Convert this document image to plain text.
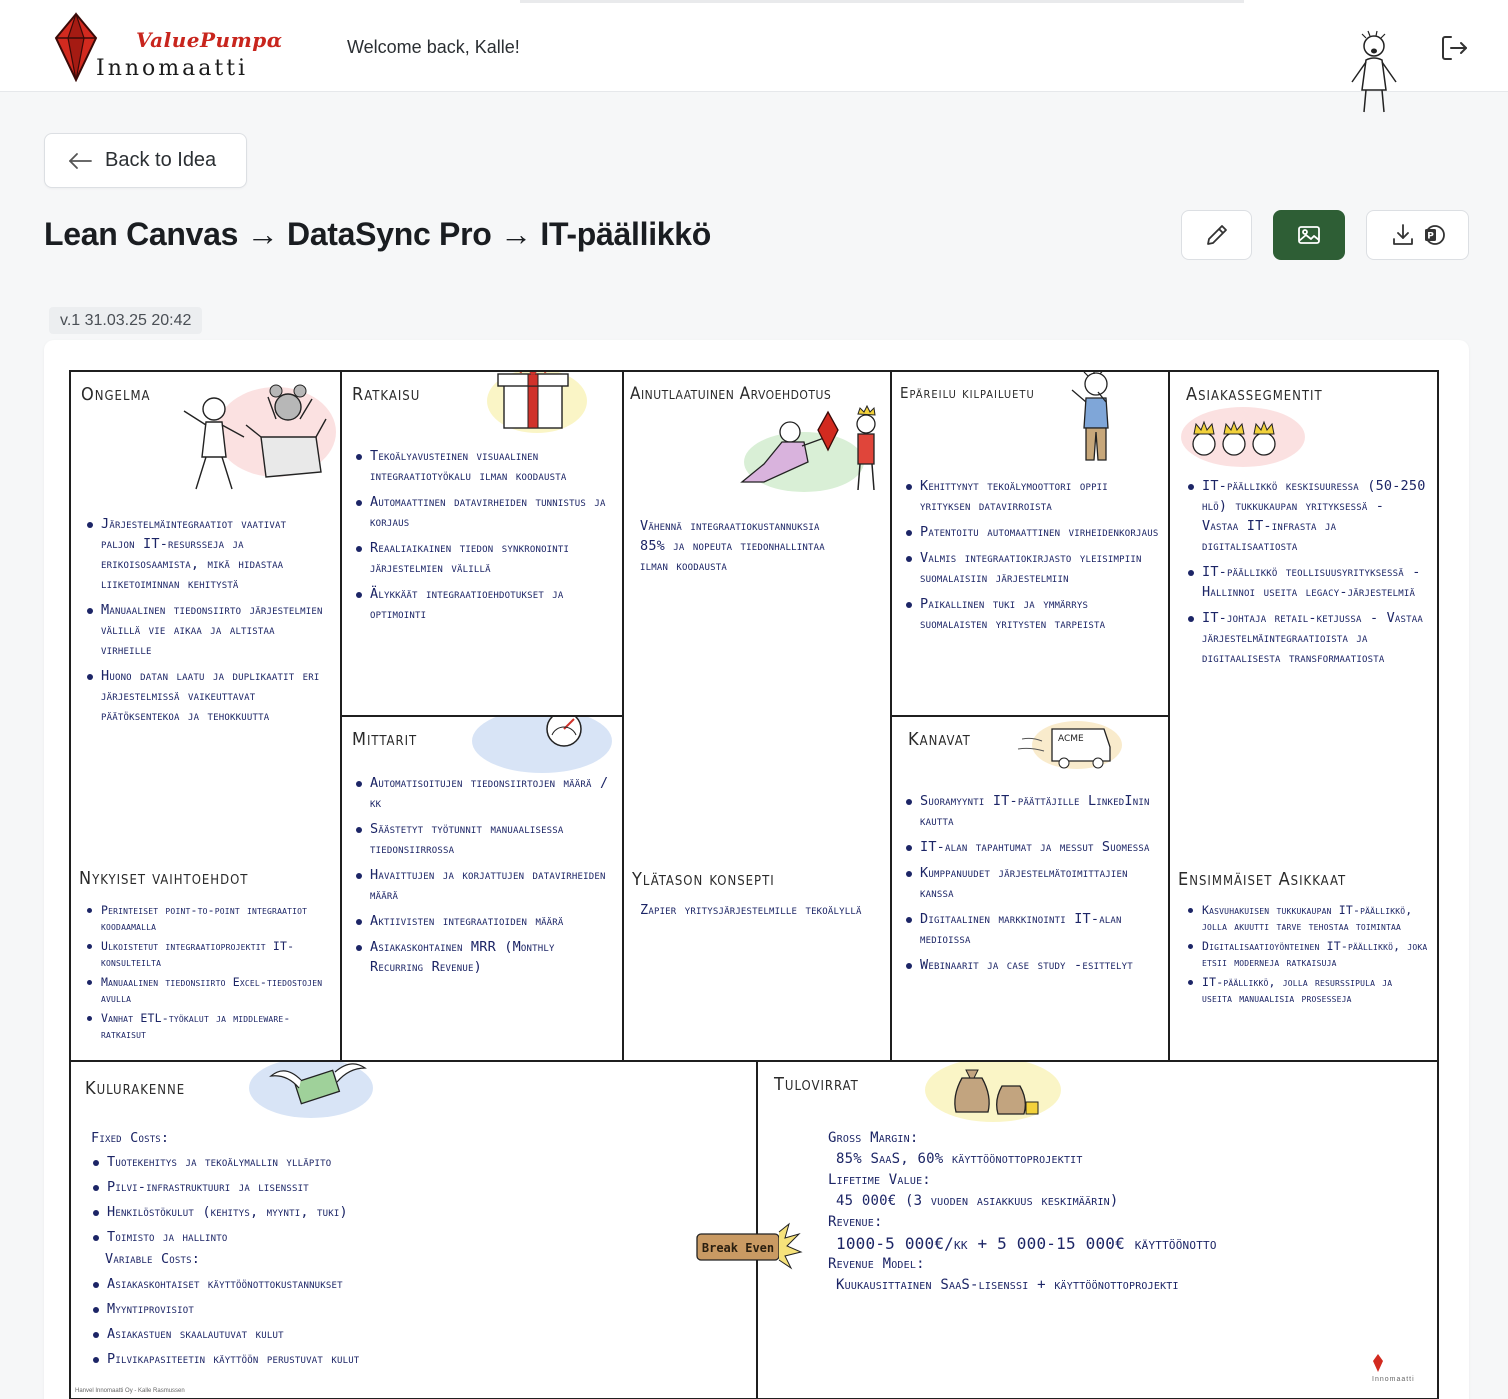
ValuePumpα
Innomaatti
Welcome back, Kalle!
Back to Idea
Lean Canvas → DataSync Pro → IT-päällikkö	P
v.1 31.03.25 20:42
Ongelma
Järjestelmäintegraatiot vaativat paljon IT-resursseja ja erikoisosaamista, mikä hidastaa liiketoiminnan kehitystä
Manuaalinen tiedonsiirto järjestelmien välillä vie aikaa ja altistaa virheille
Huono datan laatu ja duplikaatit eri järjestelmissä vaikeuttavat päätöksentekoa ja tehokkuutta
Nykyiset vaihtoehdot
Perinteiset point-to-point integraatiot koodaamalla
Ulkoistetut integraatioprojektit IT-konsulteilta
Manuaalinen tiedonsiirto Excel-tiedostojen avulla
Vanhat ETL-työkalut ja middleware-ratkaisut
Ratkaisu
Tekoälyavusteinen visuaalinen integraatiotyökalu ilman koodausta
Automaattinen datavirheiden tunnistus ja korjaus
Reaaliaikainen tiedon synkronointi järjestelmien välillä
Älykkäät integraatioehdotukset ja optimointi
Mittarit
Automatisoitujen tiedonsiirtojen määrä / kk
Säästetyt työtunnit manuaalisessa tiedonsiirrossa
Havaittujen ja korjattujen datavirheiden määrä
Aktiivisten integraatioiden määrä
Asiakaskohtainen MRR (Monthly Recurring Revenue)
Ainutlaatuinen Arvoehdotus
Vähennä integraatiokustannuksia 85% ja nopeuta tiedonhallintaa ilman koodausta
Ylätason konsepti
Zapier yritysjärjestelmille tekoälyllä
Epäreilu kilpailuetu
Kehittynyt tekoälymoottori oppii yrityksen datavirroista
Patentoitu automaattinen virheidenkorjaus
Valmis integraatiokirjasto yleisimpiin suomalaisiin järjestelmiin
Paikallinen tuki ja ymmärrys suomalaisten yritysten tarpeista
Kanavat	ACME
Suoramyynti IT-päättäjille LinkedInin kautta
IT-alan tapahtumat ja messut Suomessa
Kumppanuudet järjestelmätoimittajien kanssa
Digitaalinen markkinointi IT-alan medioissa
Webinaarit ja case study -esittelyt
Asiakassegmentit
IT-päällikkö keskisuuressa (50-250 hlö) tukkukaupan yrityksessä - Vastaa IT-infrasta ja digitalisaatiosta
IT-päällikkö teollisuusyrityksessä - Hallinnoi useita legacy-järjestelmiä
IT-johtaja retail-ketjussa - Vastaa järjestelmäintegraatioista ja digitaalisesta transformaatiosta
Ensimmäiset Asikkaat
Kasvuhakuisen tukkukaupan IT-päällikkö, jolla akuutti tarve tehostaa toimintaa
Digitalisaatioyönteinen IT-päällikkö, joka etsii moderneja ratkaisuja
IT-päällikkö, jolla resurssipula ja useita manuaalisia prosesseja
Kulurakenne
Fixed Costs:
Tuotekehitys ja tekoälymallin ylläpito
Pilvi-infrastruktuuri ja lisenssit
Henkilöstökulut (kehitys, myynti, tuki)
Toimisto ja hallinto
Variable Costs:
Asiakaskohtaiset käyttöönottokustannukset
Myyntiprovisiot
Asiakastuen skaalautuvat kulut
Pilvikapasiteetin käyttöön perustuvat kulut
Hanvel Innomaatti Oy - Kalle Rasmussen
Tulovirrat
Gross Margin:
85% SaaS, 60% käyttöönottoprojektit
Lifetime Value:
45 000€ (3 vuoden asiakkuus keskimäärin)
Revenue:
1000-5 000€/kk + 5 000-15 000€ käyttöönotto
Revenue Model:
Kuukausittainen SaaS-lisenssi + käyttöönottoprojekti
Innomaatti
Break Even
